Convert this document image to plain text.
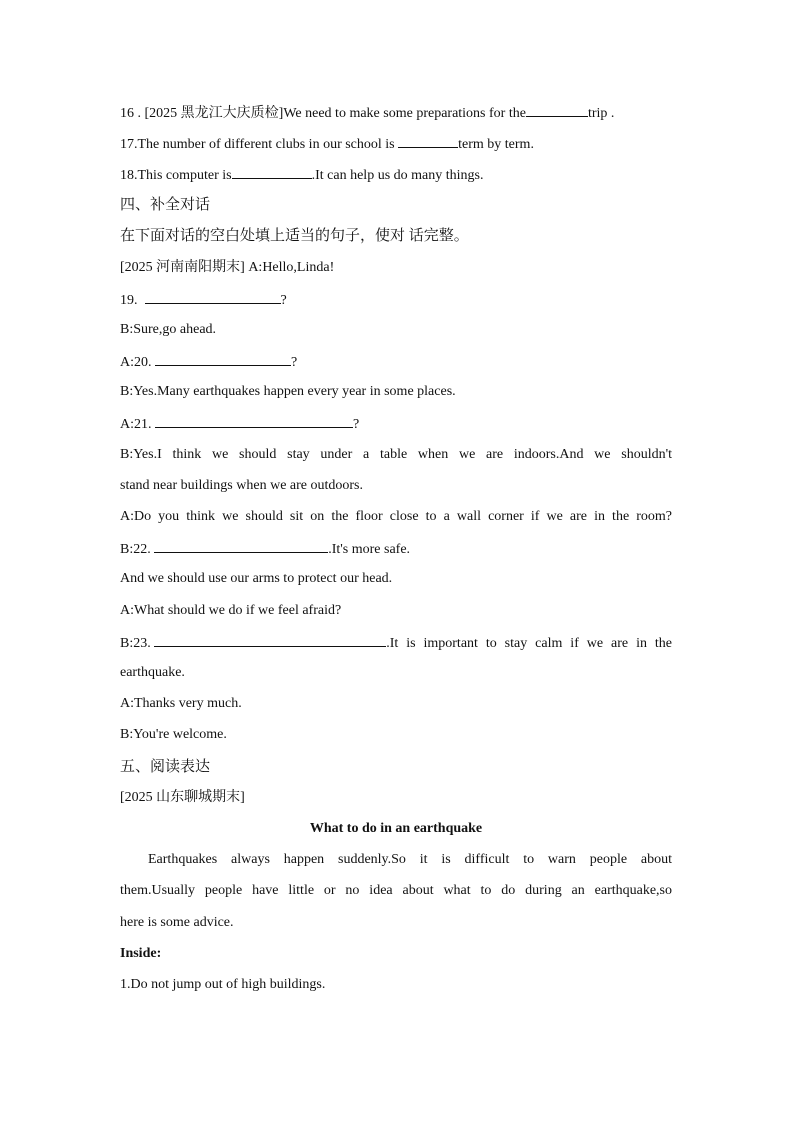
16 . [2025 黑龙江大庆质检]We need to make some preparations for the	trip .
17.The number of different clubs in our school is	term by term.
18.This computer is	.It can help us do many things.
四、补全对话
在下面对话的空白处填上适当的句子，使对 话完整。
[2025 河南南阳期末] A:Hello,Linda!
19.	?
B:Sure,go ahead.
A:20.	?
B:Yes.Many earthquakes happen every year in some places.
A:21.	?
B:Yes.I think we should stay under a table when we are indoors.And we shouldn't
stand near buildings when we are outdoors.
A:Do you think we should sit on the floor close to a wall corner if we are in the room?
B:22.	.It's more safe.
And we should use our arms to protect our head.
A:What should we do if we feel afraid?
B:23.
	.It is important to stay calm if we are in the
earthquake.
A:Thanks very much.
B:You're welcome.
五、阅读表达
[2025 山东聊城期末]
What to do in an earthquake
Earthquakes always happen suddenly.So it is difficult to warn people about
them.Usually people have little or no idea about what to do during an earthquake,so
here is some advice.
Inside:
1.Do not jump out of high buildings.
